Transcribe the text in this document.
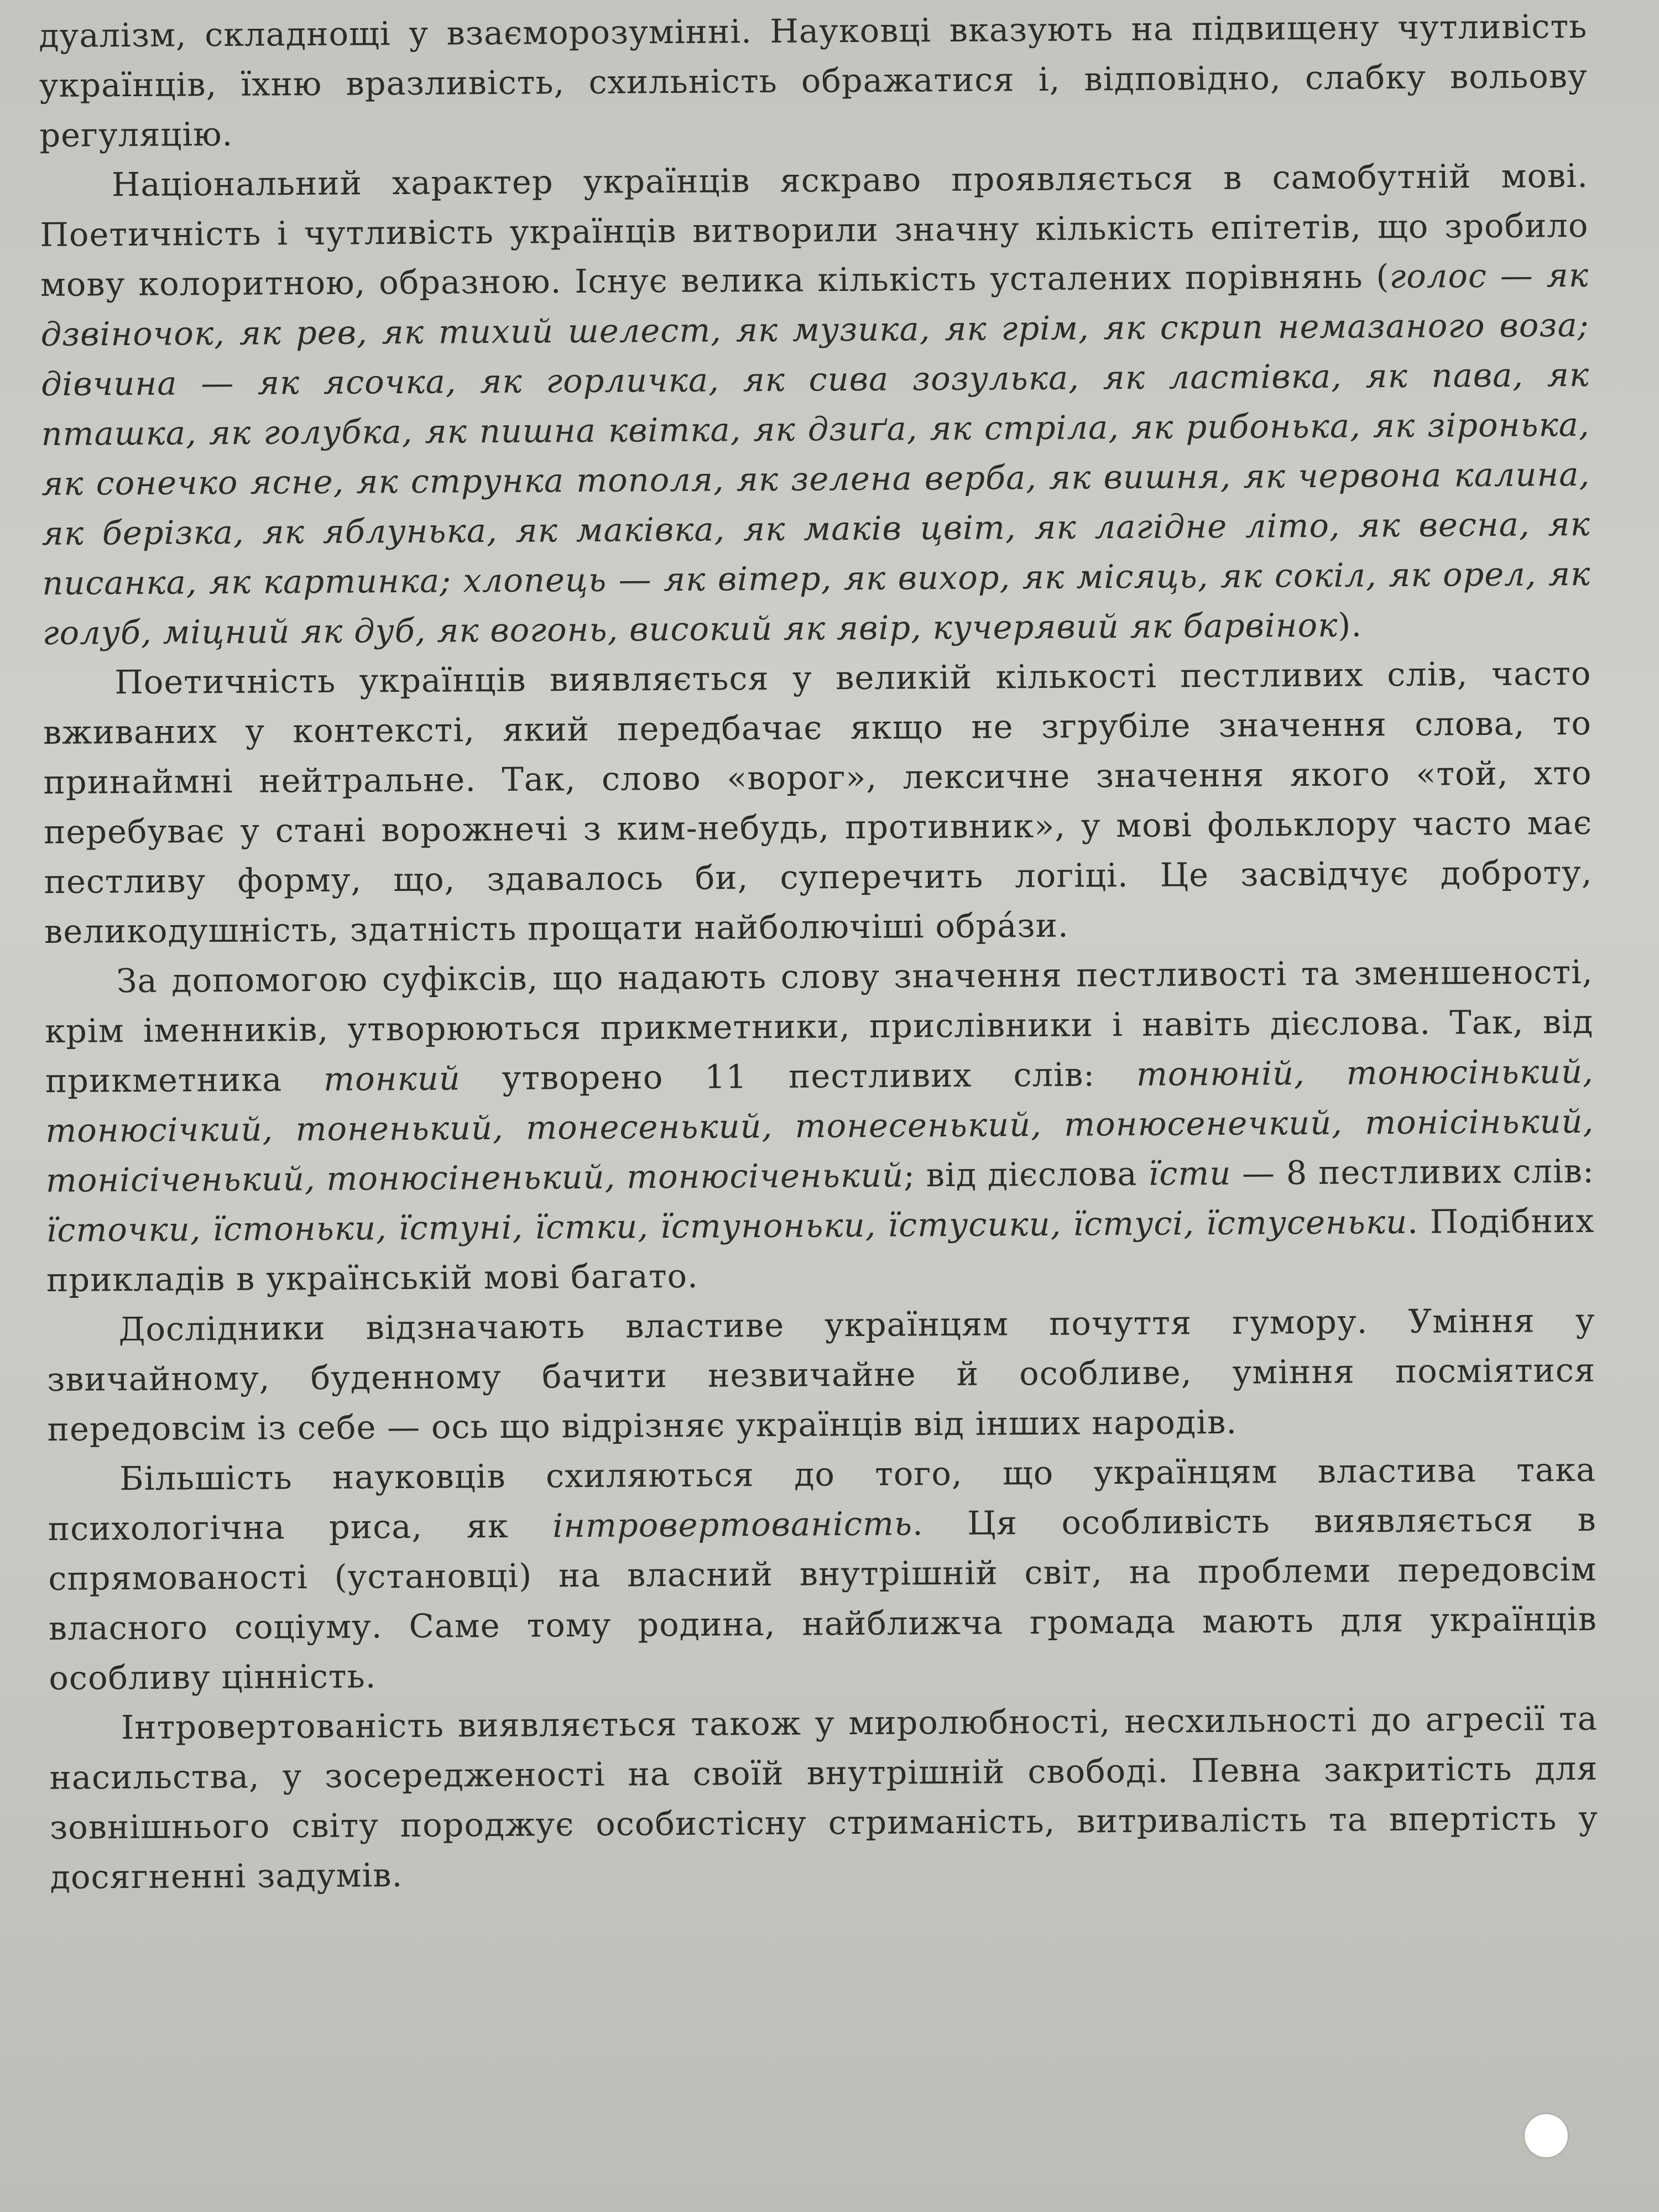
дуалізм, складнощі у взаєморозумінні. Науковці вказують на підвищену чутливість українців, їхню вразливість, схильність ображатися і, відповідно, слабку вольову регуляцію.

Національний характер українців яскраво проявляється в самобутній мові. Поетичність і чутливість українців витворили значну кількість епітетів, що зробило мову колоритною, образною. Існує велика кількість усталених порівнянь (голос — як дзвіночок, як рев, як тихий шелест, як музика, як грім, як скрип немазаного воза; дівчина — як ясочка, як горличка, як сива зозулька, як ластівка, як пава, як пташка, як голубка, як пишна квітка, як дзиґа, як стріла, як рибонька, як зіронька, як сонечко ясне, як струнка тополя, як зелена верба, як вишня, як червона калина, як берізка, як яблунька, як маківка, як маків цвіт, як лагідне літо, як весна, як писанка, як картинка; хлопець — як вітер, як вихор, як місяць, як сокіл, як орел, як голуб, міцний як дуб, як вогонь, високий як явір, кучерявий як барвінок).

Поетичність українців виявляється у великій кількості пестливих слів, часто вживаних у контексті, який передбачає якщо не згрубіле значення слова, то принаймні нейтральне. Так, слово «ворог», лексичне значення якого «той, хто перебуває у стані ворожнечі з ким-небудь, противник», у мові фольклору часто має пестливу форму, що, здавалось би, суперечить логіці. Це засвідчує доброту, великодушність, здатність прощати найболючіші обра́зи.

За допомогою суфіксів, що надають слову значення пестливості та зменшеності, крім іменників, утворюються прикметники, прислівники і навіть дієслова. Так, від прикметника тонкий утворено 11 пестливих слів: тонюній, тонюсінький, тонюсічкий, тоненький, тонесенький, тонесенький, тонюсенечкий, тонісінький, тонісіченький, тонюсіненький, тонюсіченький; від дієслова їсти — 8 пестливих слів: їсточки, їстоньки, їстуні, їстки, їстуноньки, їстусики, їстусі, їстусеньки. Подібних прикладів в українській мові багато.

Дослідники відзначають властиве українцям почуття гумору. Уміння у звичайному, буденному бачити незвичайне й особливе, уміння посміятися передовсім із себе — ось що відрізняє українців від інших народів.

Більшість науковців схиляються до того, що українцям властива така психологічна риса, як інтровертованість. Ця особливість виявляється в спрямованості (установці) на власний внутрішній світ, на проблеми передовсім власного соціуму. Саме тому родина, найближча громада мають для українців особливу цінність.

Інтровертованість виявляється також у миролюбності, несхильності до агресії та насильства, у зосередженості на своїй внутрішній свободі. Певна закритість для зовнішнього світу породжує особистісну стриманість, витривалість та впертість у досягненні задумів.
